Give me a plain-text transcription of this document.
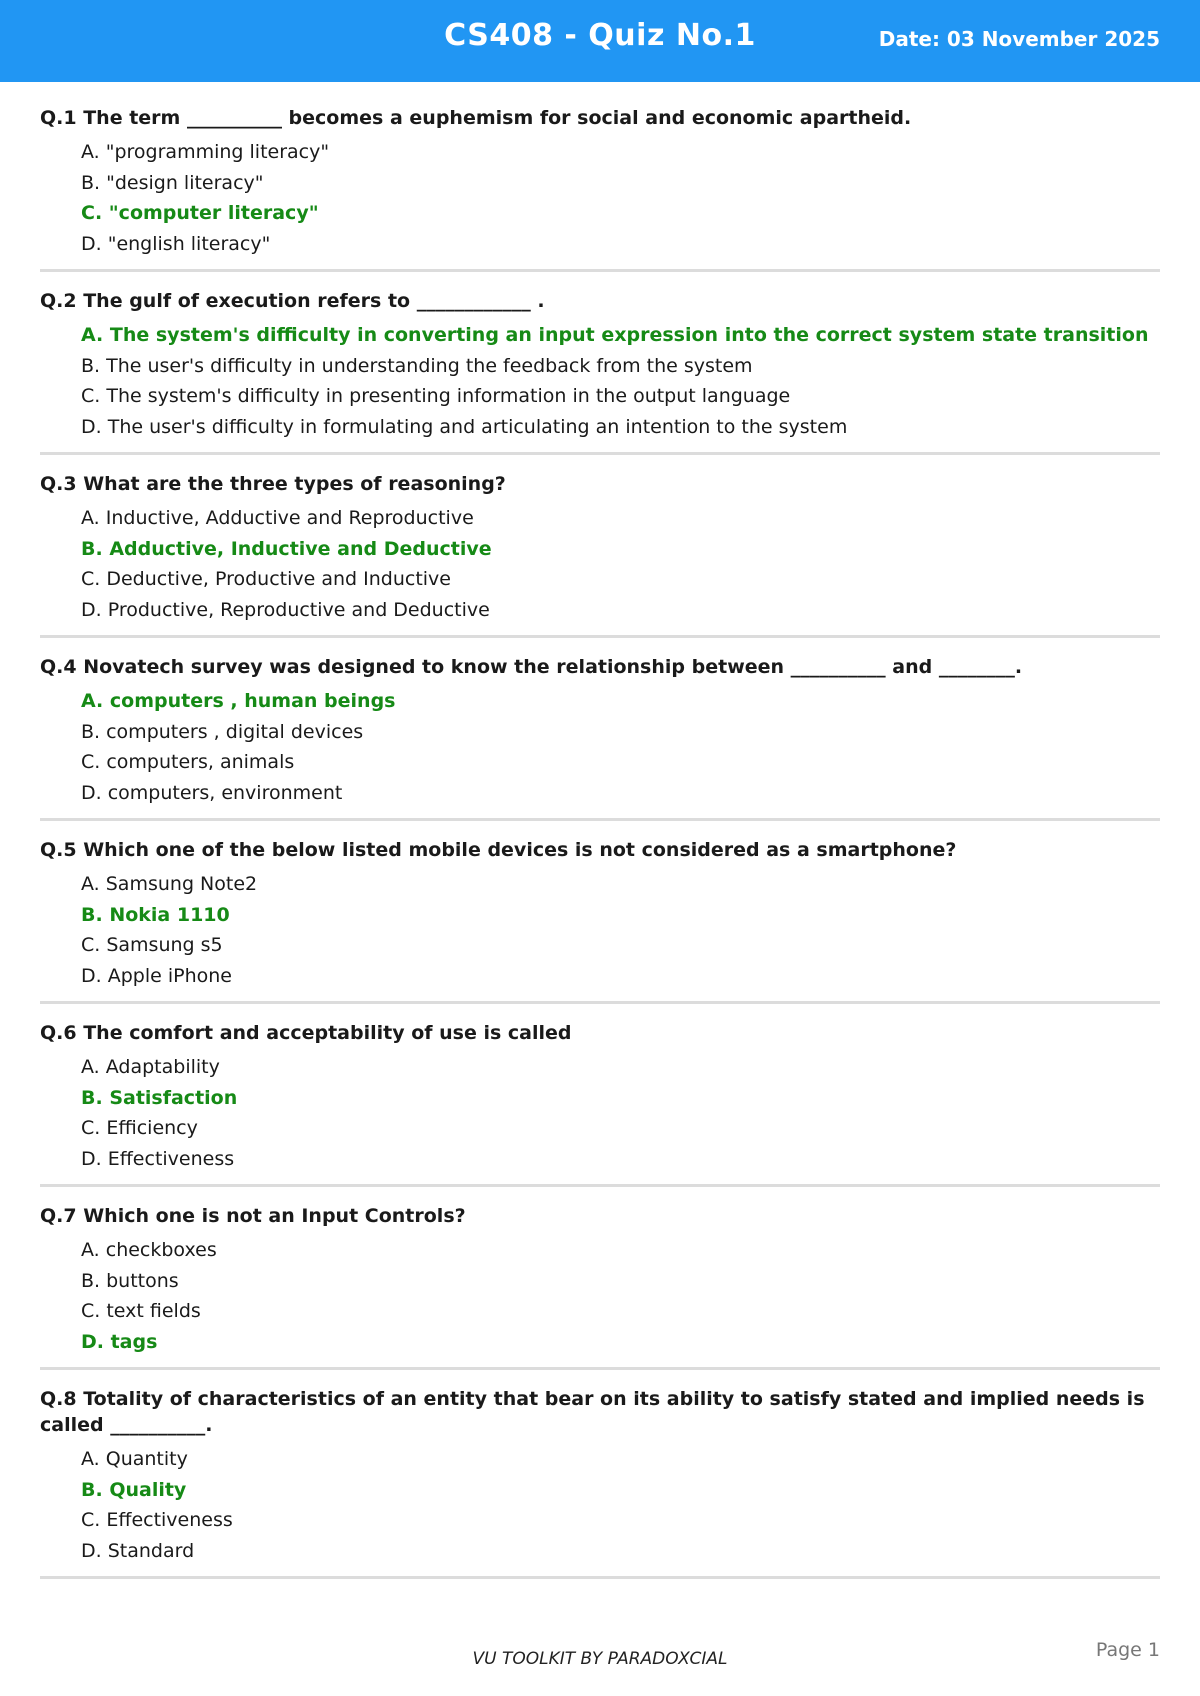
CS408 - Quiz No.1	Date: 03 November 2025
Q.1 The term __________ becomes a euphemism for social and economic apartheid.
A. "programming literacy"
B. "design literacy"
C. "computer literacy"
D. "english literacy"
Q.2 The gulf of execution refers to ____________ .
A. The system's difficulty in converting an input expression into the correct system state transition
B. The user's difficulty in understanding the feedback from the system
C. The system's difficulty in presenting information in the output language
D. The user's difficulty in formulating and articulating an intention to the system
Q.3 What are the three types of reasoning?
A. Inductive, Adductive and Reproductive
B. Adductive, Inductive and Deductive
C. Deductive, Productive and Inductive
D. Productive, Reproductive and Deductive
Q.4 Novatech survey was designed to know the relationship between __________ and ________.
A. computers , human beings
B. computers , digital devices
C. computers, animals
D. computers, environment
Q.5 Which one of the below listed mobile devices is not considered as a smartphone?
A. Samsung Note2
B. Nokia 1110
C. Samsung s5
D. Apple iPhone
Q.6 The comfort and acceptability of use is called
A. Adaptability
B. Satisfaction
C. Efficiency
D. Effectiveness
Q.7 Which one is not an Input Controls?
A. checkboxes
B. buttons
C. text fields
D. tags
Q.8 Totality of characteristics of an entity that bear on its ability to satisfy stated and implied needs is called __________.
A. Quantity
B. Quality
C. Effectiveness
D. Standard
VU TOOLKIT BY PARADOXCIAL	Page 1
